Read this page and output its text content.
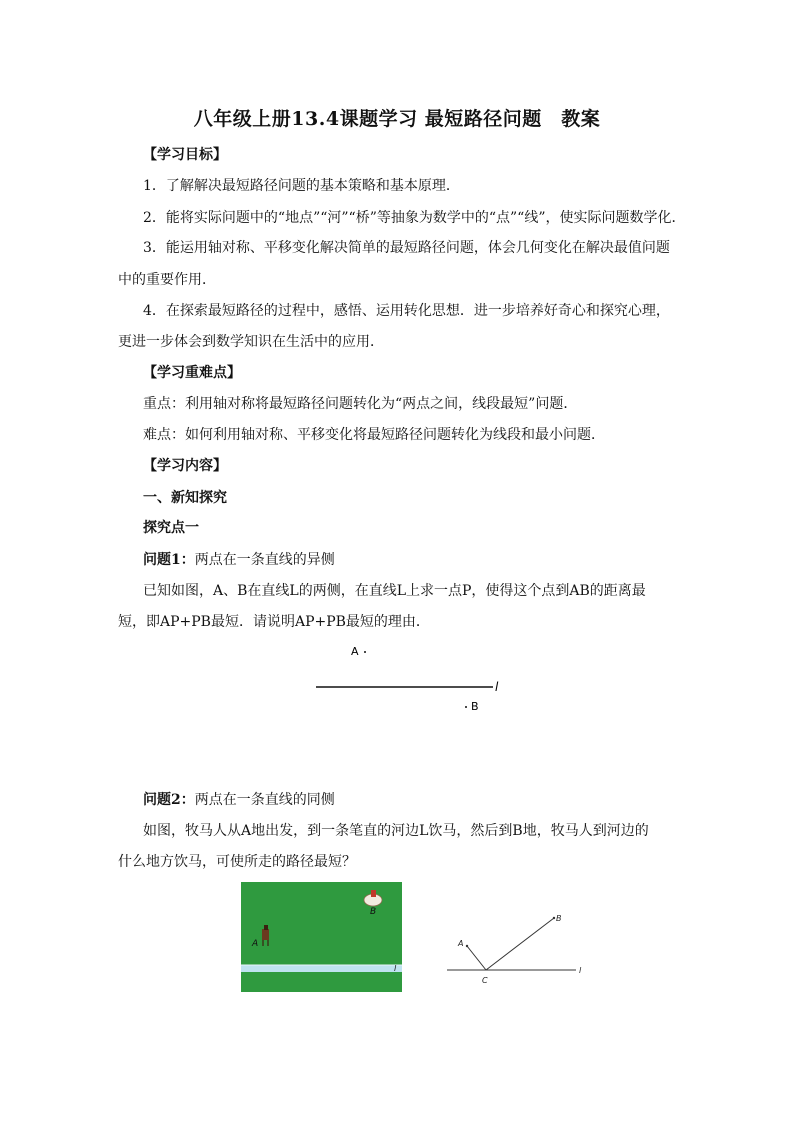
八年级上册13.4课题学习 最短路径问题　教案
【学习目标】
1．了解解决最短路径问题的基本策略和基本原理．
2．能将实际问题中的“地点”“河”“桥”等抽象为数学中的“点”“线”，使实际问题数学化．
3．能运用轴对称、平移变化解决简单的最短路径问题，体会几何变化在解决最值问题
中的重要作用．
4．在探索最短路径的过程中，感悟、运用转化思想．进一步培养好奇心和探究心理，
更进一步体会到数学知识在生活中的应用．
【学习重难点】
重点：利用轴对称将最短路径问题转化为“两点之间，线段最短”问题．
难点：如何利用轴对称、平移变化将最短路径问题转化为线段和最小问题．
【学习内容】
一、新知探究
探究点一
问题1：两点在一条直线的异侧
已知如图，A、B在直线L的两侧，在直线L上求一点P，使得这个点到AB的距离最
短，即AP+PB最短．请说明AP+PB最短的理由．
A
l
B
问题2：两点在一条直线的同侧
如图，牧马人从A地出发，到一条笔直的河边L饮马，然后到B地，牧马人到河边的
什么地方饮马，可使所走的路径最短？
A
B
l
A
B
C
l
